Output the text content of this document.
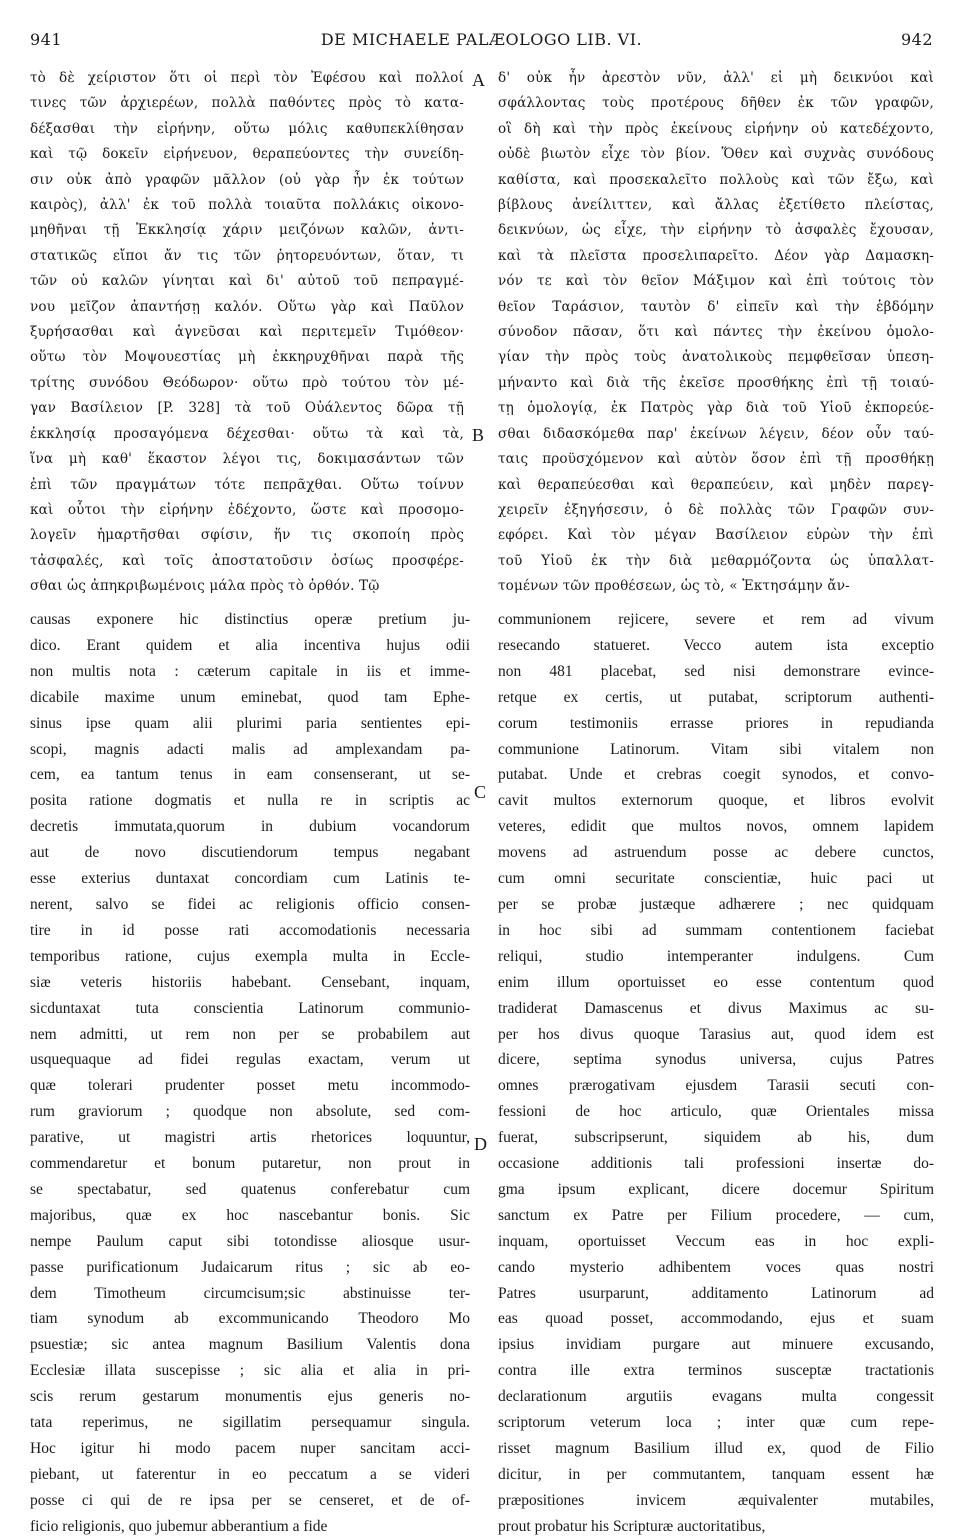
941	DE MICHAELE PALÆOLOGO LIB. VI.	942
A
B
C
D
τὸ δὲ χείριστον ὅτι οἱ περὶ τὸν Ἐφέσου καὶ πολλοί
τινες τῶν ἀρχιερέων, πολλὰ παθόντες πρὸς τὸ κατα-
δέξασθαι τὴν εἰρήνην, οὕτω μόλις καθυπεκλίθησαν
καὶ τῷ δοκεῖν εἰρήνευον, θεραπεύοντες τὴν συνείδη-
σιν οὐκ ἀπὸ γραφῶν μᾶλλον (οὐ γὰρ ἦν ἐκ τούτων
καιρὸς), ἀλλ' ἐκ τοῦ πολλὰ τοιαῦτα πολλάκις οἰκονο-
μηθῆναι τῇ Ἐκκλησίᾳ χάριν μειζόνων καλῶν, ἀντι-
στατικῶς εἴποι ἄν τις τῶν ῥητορευόντων, ὅταν, τι
τῶν οὐ καλῶν γίνηται καὶ δι' αὐτοῦ τοῦ πεπραγμέ-
νου μεῖζον ἀπαντήσῃ καλόν. Οὕτω γὰρ καὶ Παῦλον
ξυρήσασθαι καὶ ἁγνεῦσαι καὶ περιτεμεῖν Τιμόθεον·
οὕτω τὸν Μοψουεστίας μὴ ἐκκηρυχθῆναι παρὰ τῆς
τρίτης συνόδου Θεόδωρον· οὕτω πρὸ τούτου τὸν μέ-
γαν Βασίλειον [P. 328] τὰ τοῦ Οὐάλεντος δῶρα τῇ
ἐκκλησίᾳ προσαγόμενα δέχεσθαι· οὕτω τὰ καὶ τὰ,
ἵνα μὴ καθ' ἕκαστον λέγοι τις, δοκιμασάντων τῶν
ἐπὶ τῶν πραγμάτων τότε πεπρᾶχθαι. Οὕτω τοίνυν
καὶ οὗτοι τὴν εἰρήνην ἐδέχοντο, ὥστε καὶ προσομο-
λογεῖν ἡμαρτῆσθαι σφίσιν, ἥν τις σκοποίη πρὸς
τἀσφαλές, καὶ τοῖς ἀποστατοῦσιν ὁσίως προσφέρε-
σθαι ὡς ἀπηκριβωμένοις μάλα πρὸς τὸ ὀρθόν. Τῷ
δ' οὐκ ἦν ἀρεστὸν νῦν, ἀλλ' εἰ μὴ δεικνύοι καὶ
σφάλλοντας τοὺς προτέρους δῆθεν ἐκ τῶν γραφῶν,
οἳ δὴ καὶ τὴν πρὸς ἐκείνους εἰρήνην οὐ κατεδέχοντο,
οὐδὲ βιωτὸν εἶχε τὸν βίον. Ὅθεν καὶ συχνὰς συνόδους
καθίστα, καὶ προσεκαλεῖτο πολλοὺς καὶ τῶν ἔξω, καὶ
βίβλους ἀνείλιττεν, καὶ ἄλλας ἐξετίθετο πλείστας,
δεικνύων, ὡς εἶχε, τὴν εἰρήνην τὸ ἀσφαλὲς ἔχουσαν,
καὶ τὰ πλεῖστα προσελιπαρεῖτο. Δέον γὰρ Δαμασκη-
νόν τε καὶ τὸν θεῖον Μάξιμον καὶ ἐπὶ τούτοις τὸν
θεῖον Ταράσιον, ταυτὸν δ' εἰπεῖν καὶ τὴν ἑβδόμην
σύνοδον πᾶσαν, ὅτι καὶ πάντες τὴν ἐκείνου ὁμολο-
γίαν τὴν πρὸς τοὺς ἀνατολικοὺς πεμφθεῖσαν ὑπεση-
μήναντο καὶ διὰ τῆς ἐκεῖσε προσθήκης ἐπὶ τῇ τοιαύ-
τῃ ὁμολογίᾳ, ἐκ Πατρὸς γὰρ διὰ τοῦ Υἱοῦ ἐκπορεύε-
σθαι διδασκόμεθα παρ' ἐκείνων λέγειν, δέον οὖν ταύ-
ταις προϋσχόμενον καὶ αὐτὸν ὅσον ἐπὶ τῇ προσθήκῃ
καὶ θεραπεύεσθαι καὶ θεραπεύειν, καὶ μηδὲν παρεγ-
χειρεῖν ἐξηγήσεσιν, ὁ δὲ πολλὰς τῶν Γραφῶν συν-
εφόρει. Καὶ τὸν μέγαν Βασίλειον εὑρὼν τὴν ἐπὶ
τοῦ Υἱοῦ ἐκ τὴν διὰ μεθαρμόζοντα ὡς ὑπαλλατ-
τομένων τῶν προθέσεων, ὡς τὸ, « Ἐκτησάμην ἄν-
causas exponere hic distinctius operæ pretium ju-
dico. Erant quidem et alia incentiva hujus odii
non multis nota : cæterum capitale in iis et imme-
dicabile maxime unum eminebat, quod tam Ephe-
sinus ipse quam alii plurimi paria sentientes epi-
scopi, magnis adacti malis ad amplexandam pa-
cem, ea tantum tenus in eam consenserant, ut se-
posita ratione dogmatis et nulla re in scriptis ac
decretis immutata,quorum in dubium vocandorum
aut de novo discutiendorum tempus negabant
esse exterius duntaxat concordiam cum Latinis te-
nerent, salvo se fidei ac religionis officio consen-
tire in id posse rati accomodationis necessaria
temporibus ratione, cujus exempla multa in Eccle-
siæ veteris historiis habebant. Censebant, inquam,
sicduntaxat tuta conscientia Latinorum communio-
nem admitti, ut rem non per se probabilem aut
usquequaque ad fidei regulas exactam, verum ut
quæ tolerari prudenter posset metu incommodo-
rum graviorum ; quodque non absolute, sed com-
parative, ut magistri artis rhetorices loquuntur,
commendaretur et bonum putaretur, non prout in
se spectabatur, sed quatenus conferebatur cum
majoribus, quæ ex hoc nascebantur bonis. Sic
nempe Paulum caput sibi totondisse aliosque usur-
passe purificationum Judaicarum ritus ; sic ab eo-
dem Timotheum circumcisum;sic abstinuisse ter-
tiam synodum ab excommunicando Theodoro Mo
psuestiæ; sic antea magnum Basilium Valentis dona
Ecclesiæ illata suscepisse ; sic alia et alia in pri-
scis rerum gestarum monumentis ejus generis no-
tata reperimus, ne sigillatim persequamur singula.
Hoc igitur hi modo pacem nuper sancitam acci-
piebant, ut faterentur in eo peccatum a se videri
posse ci qui de re ipsa per se censeret, et de of-
ficio religionis, quo jubemur abberantium a fide
communionem rejicere, severe et rem ad vivum
resecando statueret. Vecco autem ista exceptio
non 481 placebat, sed nisi demonstrare evince-
retque ex certis, ut putabat, scriptorum authenti-
corum testimoniis errasse priores in repudianda
communione Latinorum. Vitam sibi vitalem non
putabat. Unde et crebras coegit synodos, et convo-
cavit multos externorum quoque, et libros evolvit
veteres, edidit que multos novos, omnem lapidem
movens ad astruendum posse ac debere cunctos,
cum omni securitate conscientiæ, huic paci ut
per se probæ justæque adhærere ; nec quidquam
in hoc sibi ad summam contentionem faciebat
reliqui, studio intemperanter indulgens. Cum
enim illum oportuisset eo esse contentum quod
tradiderat Damascenus et divus Maximus ac su-
per hos divus quoque Tarasius aut, quod idem est
dicere, septima synodus universa, cujus Patres
omnes prærogativam ejusdem Tarasii secuti con-
fessioni de hoc articulo, quæ Orientales missa
fuerat, subscripserunt, siquidem ab his, dum
occasione additionis tali professioni insertæ do-
gma ipsum explicant, dicere docemur Spiritum
sanctum ex Patre per Filium procedere, — cum,
inquam, oportuisset Veccum eas in hoc expli-
cando mysterio adhibentem voces quas nostri
Patres usurparunt, additamento Latinorum ad
eas quoad posset, accommodando, ejus et suam
ipsius invidiam purgare aut minuere excusando,
contra ille extra terminos susceptæ tractationis
declarationum argutiis evagans multa congessit
scriptorum veterum loca ; inter quæ cum repe-
risset magnum Basilium illud ex, quod de Filio
dicitur, in per commutantem, tanquam essent hæ
præpositiones invicem æquivalenter mutabiles,
prout probatur his Scripturæ auctoritatibus,
